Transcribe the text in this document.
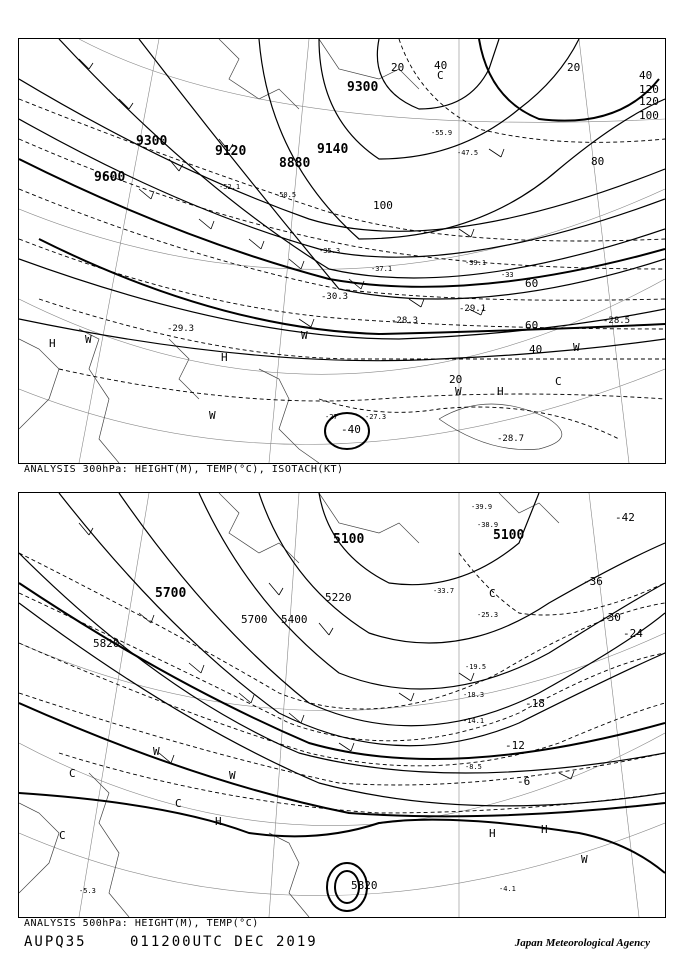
9300
9120
8880
9140
9600
9300
20	40
60
80
100
120
20
40
60
100
120
40
20
-40
-28.7
-29.3
-28.5
-30.3
-28.3
-29.1
W	W
H
W
W	H
C
W
H
C
-52.1
-55.9
-50.5
-47.5
-37.1
-35.3
-33
-39.1
-27	-27.3
ANALYSIS 300hPa: HEIGHT(M), TEMP(°C), ISOTACH(KT)
5100	5100
5220
5400
5700
5820
5820
5700
-42
-36
-30
-24
-18
-12
-6
C
C
C
W
W
H
H	H
W
C
-39.9
-38.9
-33.7
-25.3
-19.5
-18.3
-14.1
-8.5
-4.1
-5.3
ANALYSIS 500hPa: HEIGHT(M), TEMP(°C)
AUPQ35	011200UTC DEC 2019	Japan Meteorological Agency
